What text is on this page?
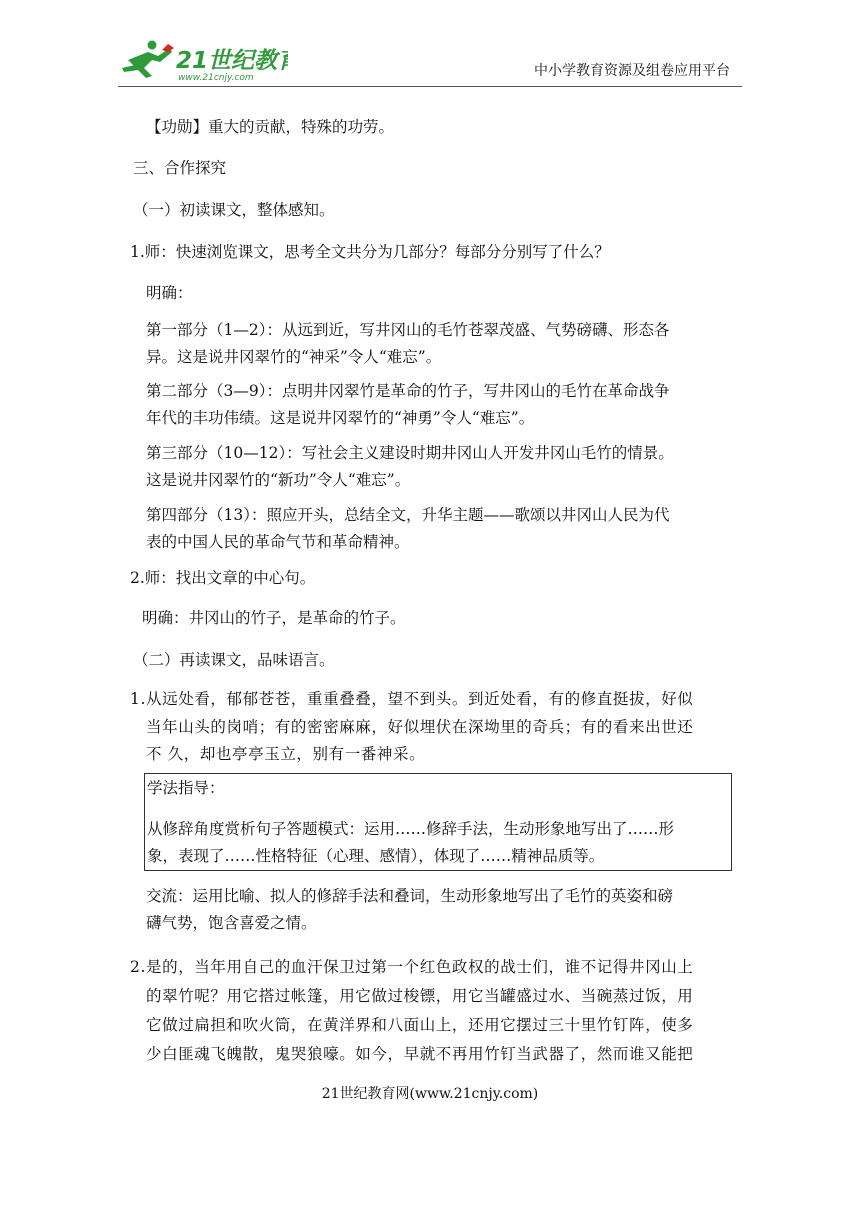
21世纪教育
www.21cnjy.com	中小学教育资源及组卷应用平台
【功勋】重大的贡献，特殊的功劳。
三、合作探究
（一）初读课文，整体感知。
1.师：快速浏览课文，思考全文共分为几部分？每部分分别写了什么？
明确：
第一部分（1—2）：从远到近，写井冈山的毛竹苍翠茂盛、气势磅礴、形态各
异。这是说井冈翠竹的“神采”令人“难忘”。
第二部分（3—9）：点明井冈翠竹是革命的竹子，写井冈山的毛竹在革命战争
年代的丰功伟绩。这是说井冈翠竹的“神勇”令人“难忘”。
第三部分（10—12）：写社会主义建设时期井冈山人开发井冈山毛竹的情景。
这是说井冈翠竹的“新功”令人“难忘”。
第四部分（13）：照应开头，总结全文，升华主题——歌颂以井冈山人民为代
表的中国人民的革命气节和革命精神。
2.师：找出文章的中心句。
明确：井冈山的竹子，是革命的竹子。
（二）再读课文，品味语言。
1.从远处看，郁郁苍苍，重重叠叠，望不到头。到近处看，有的修直挺拔，好似
当年山头的岗哨；有的密密麻麻，好似埋伏在深坳里的奇兵；有的看来出世还
不 久，却也亭亭玉立，别有一番神采。
学法指导：
从修辞角度赏析句子答题模式：运用……修辞手法，生动形象地写出了……形
象，表现了……性格特征（心理、感情），体现了……精神品质等。
交流：运用比喻、拟人的修辞手法和叠词，生动形象地写出了毛竹的英姿和磅
礴气势，饱含喜爱之情。
2.是的，当年用自己的血汗保卫过第一个红色政权的战士们，谁不记得井冈山上
的翠竹呢？用它搭过帐篷，用它做过梭镖，用它当罐盛过水、当碗蒸过饭，用
它做过扁担和吹火筒，在黄洋界和八面山上，还用它摆过三十里竹钉阵，使多
少白匪魂飞魄散，鬼哭狼嚎。如今，早就不再用竹钉当武器了，然而谁又能把
21世纪教育网(www.21cnjy.com)
